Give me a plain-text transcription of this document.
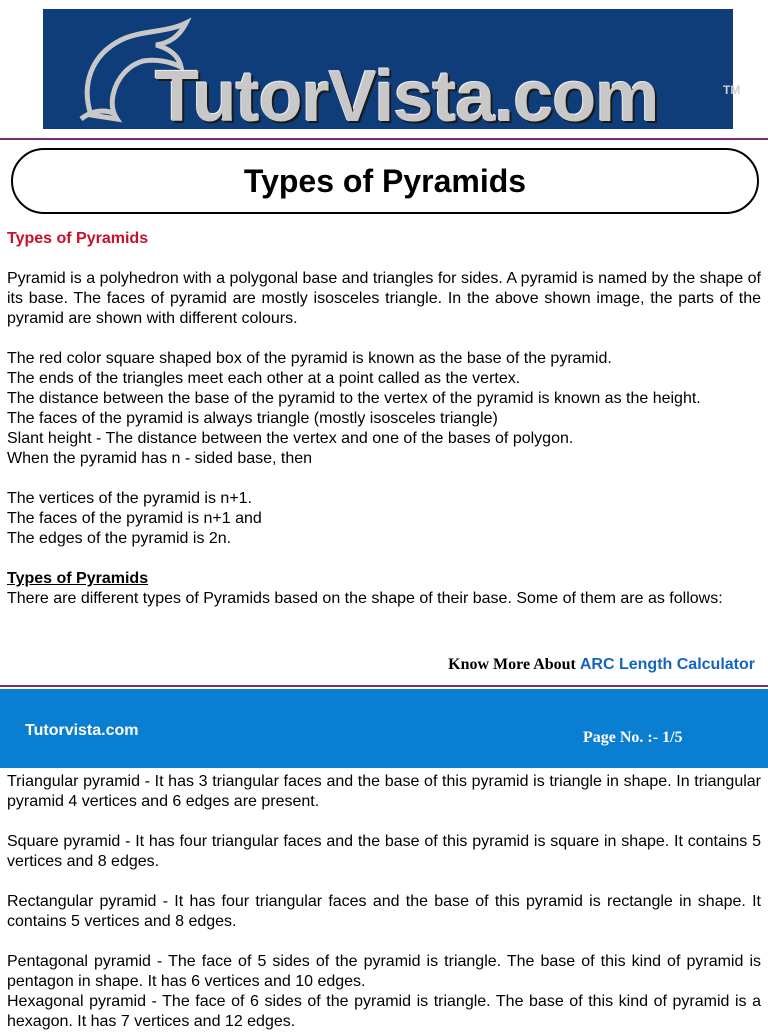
TutorVista.com	TM
Types of Pyramids

Types of Pyramids

Pyramid is a polyhedron with a polygonal base and triangles for sides. A pyramid is named by the shape of its base. The faces of pyramid are mostly isosceles triangle. In the above shown image, the parts of the pyramid are shown with different colours.

The red color square shaped box of the pyramid is known as the base of the pyramid.

The ends of the triangles meet each other at a point called as the vertex.

The distance between the base of the pyramid to the vertex of the pyramid is known as the height.

The faces of the pyramid is always triangle (mostly isosceles triangle)

Slant height - The distance between the vertex and one of the bases of polygon.

When the pyramid has n - sided base, then

The vertices of the pyramid is n+1.

The faces of the pyramid is n+1 and

The edges of the pyramid is 2n.

Types of Pyramids

There are different types of Pyramids based on the shape of their base. Some of them are as follows:

Know More About ARC Length Calculator
Tutorvista.com	Page No. :- 1/5

Triangular pyramid - It has 3 triangular faces and the base of this pyramid is triangle in shape. In triangular pyramid 4 vertices and 6 edges are present.

Square pyramid - It has four triangular faces and the base of this pyramid is square in shape. It contains 5 vertices and 8 edges.

Rectangular pyramid - It has four triangular faces and the base of this pyramid is rectangle in shape. It contains 5 vertices and 8 edges.

Pentagonal pyramid - The face of 5 sides of the pyramid is triangle. The base of this kind of pyramid is pentagon in shape. It has 6 vertices and 10 edges.

Hexagonal pyramid - The face of 6 sides of the pyramid is triangle. The base of this kind of pyramid is a hexagon. It has 7 vertices and 12 edges.
